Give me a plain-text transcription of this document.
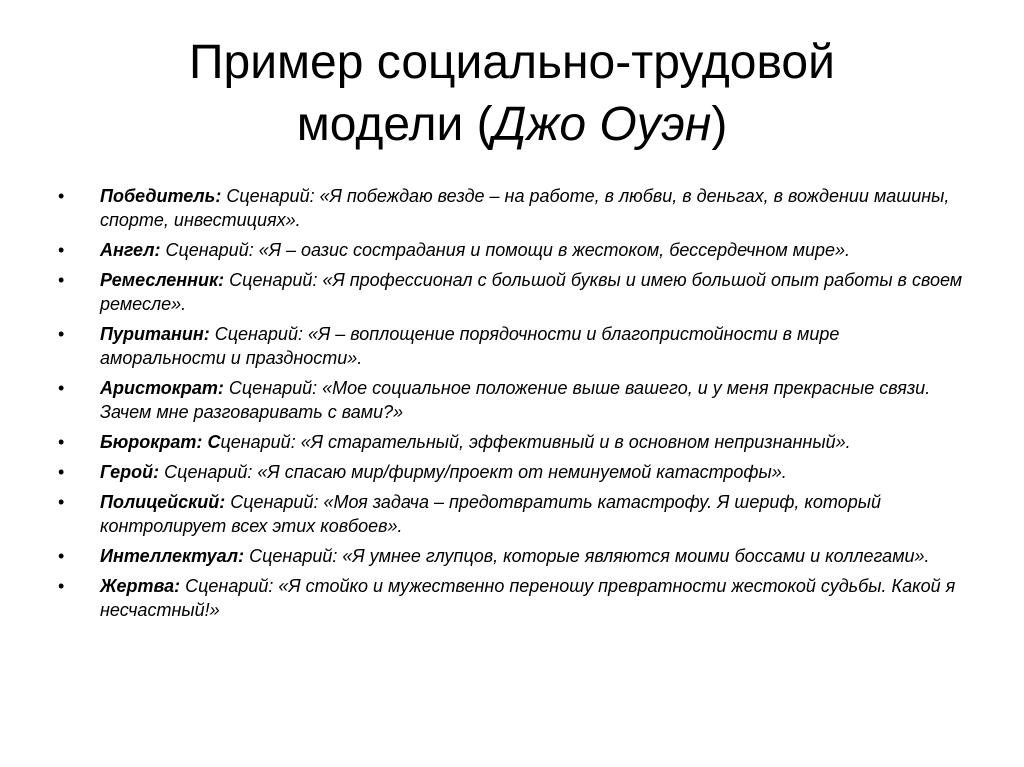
Пример социально-трудовой
модели (Джо Оуэн)
• Победитель: Сценарий: «Я побеждаю везде – на работе, в любви, в деньгах, в вождении машины, спорте, инвестициях».
• Ангел: Сценарий: «Я – оазис сострадания и помощи в жестоком, бессердечном мире».
• Ремесленник: Сценарий: «Я профессионал с большой буквы и имею большой опыт работы в своем ремесле».
• Пуританин: Сценарий: «Я – воплощение порядочности и благопристойности в мире аморальности и праздности».
• Аристократ: Сценарий: «Мое социальное положение выше вашего, и у меня прекрасные связи. Зачем мне разговаривать с вами?»
• Бюрократ: Сценарий: «Я старательный, эффективный и в основном непризнанный».
• Герой: Сценарий: «Я спасаю мир/фирму/проект от неминуемой катастрофы».
• Полицейский: Сценарий: «Моя задача – предотвратить катастрофу. Я шериф, который контролирует всех этих ковбоев».
• Интеллектуал: Сценарий: «Я умнее глупцов, которые являются моими боссами и коллегами».
• Жертва: Сценарий: «Я стойко и мужественно переношу превратности жестокой судьбы. Какой я несчастный!»
